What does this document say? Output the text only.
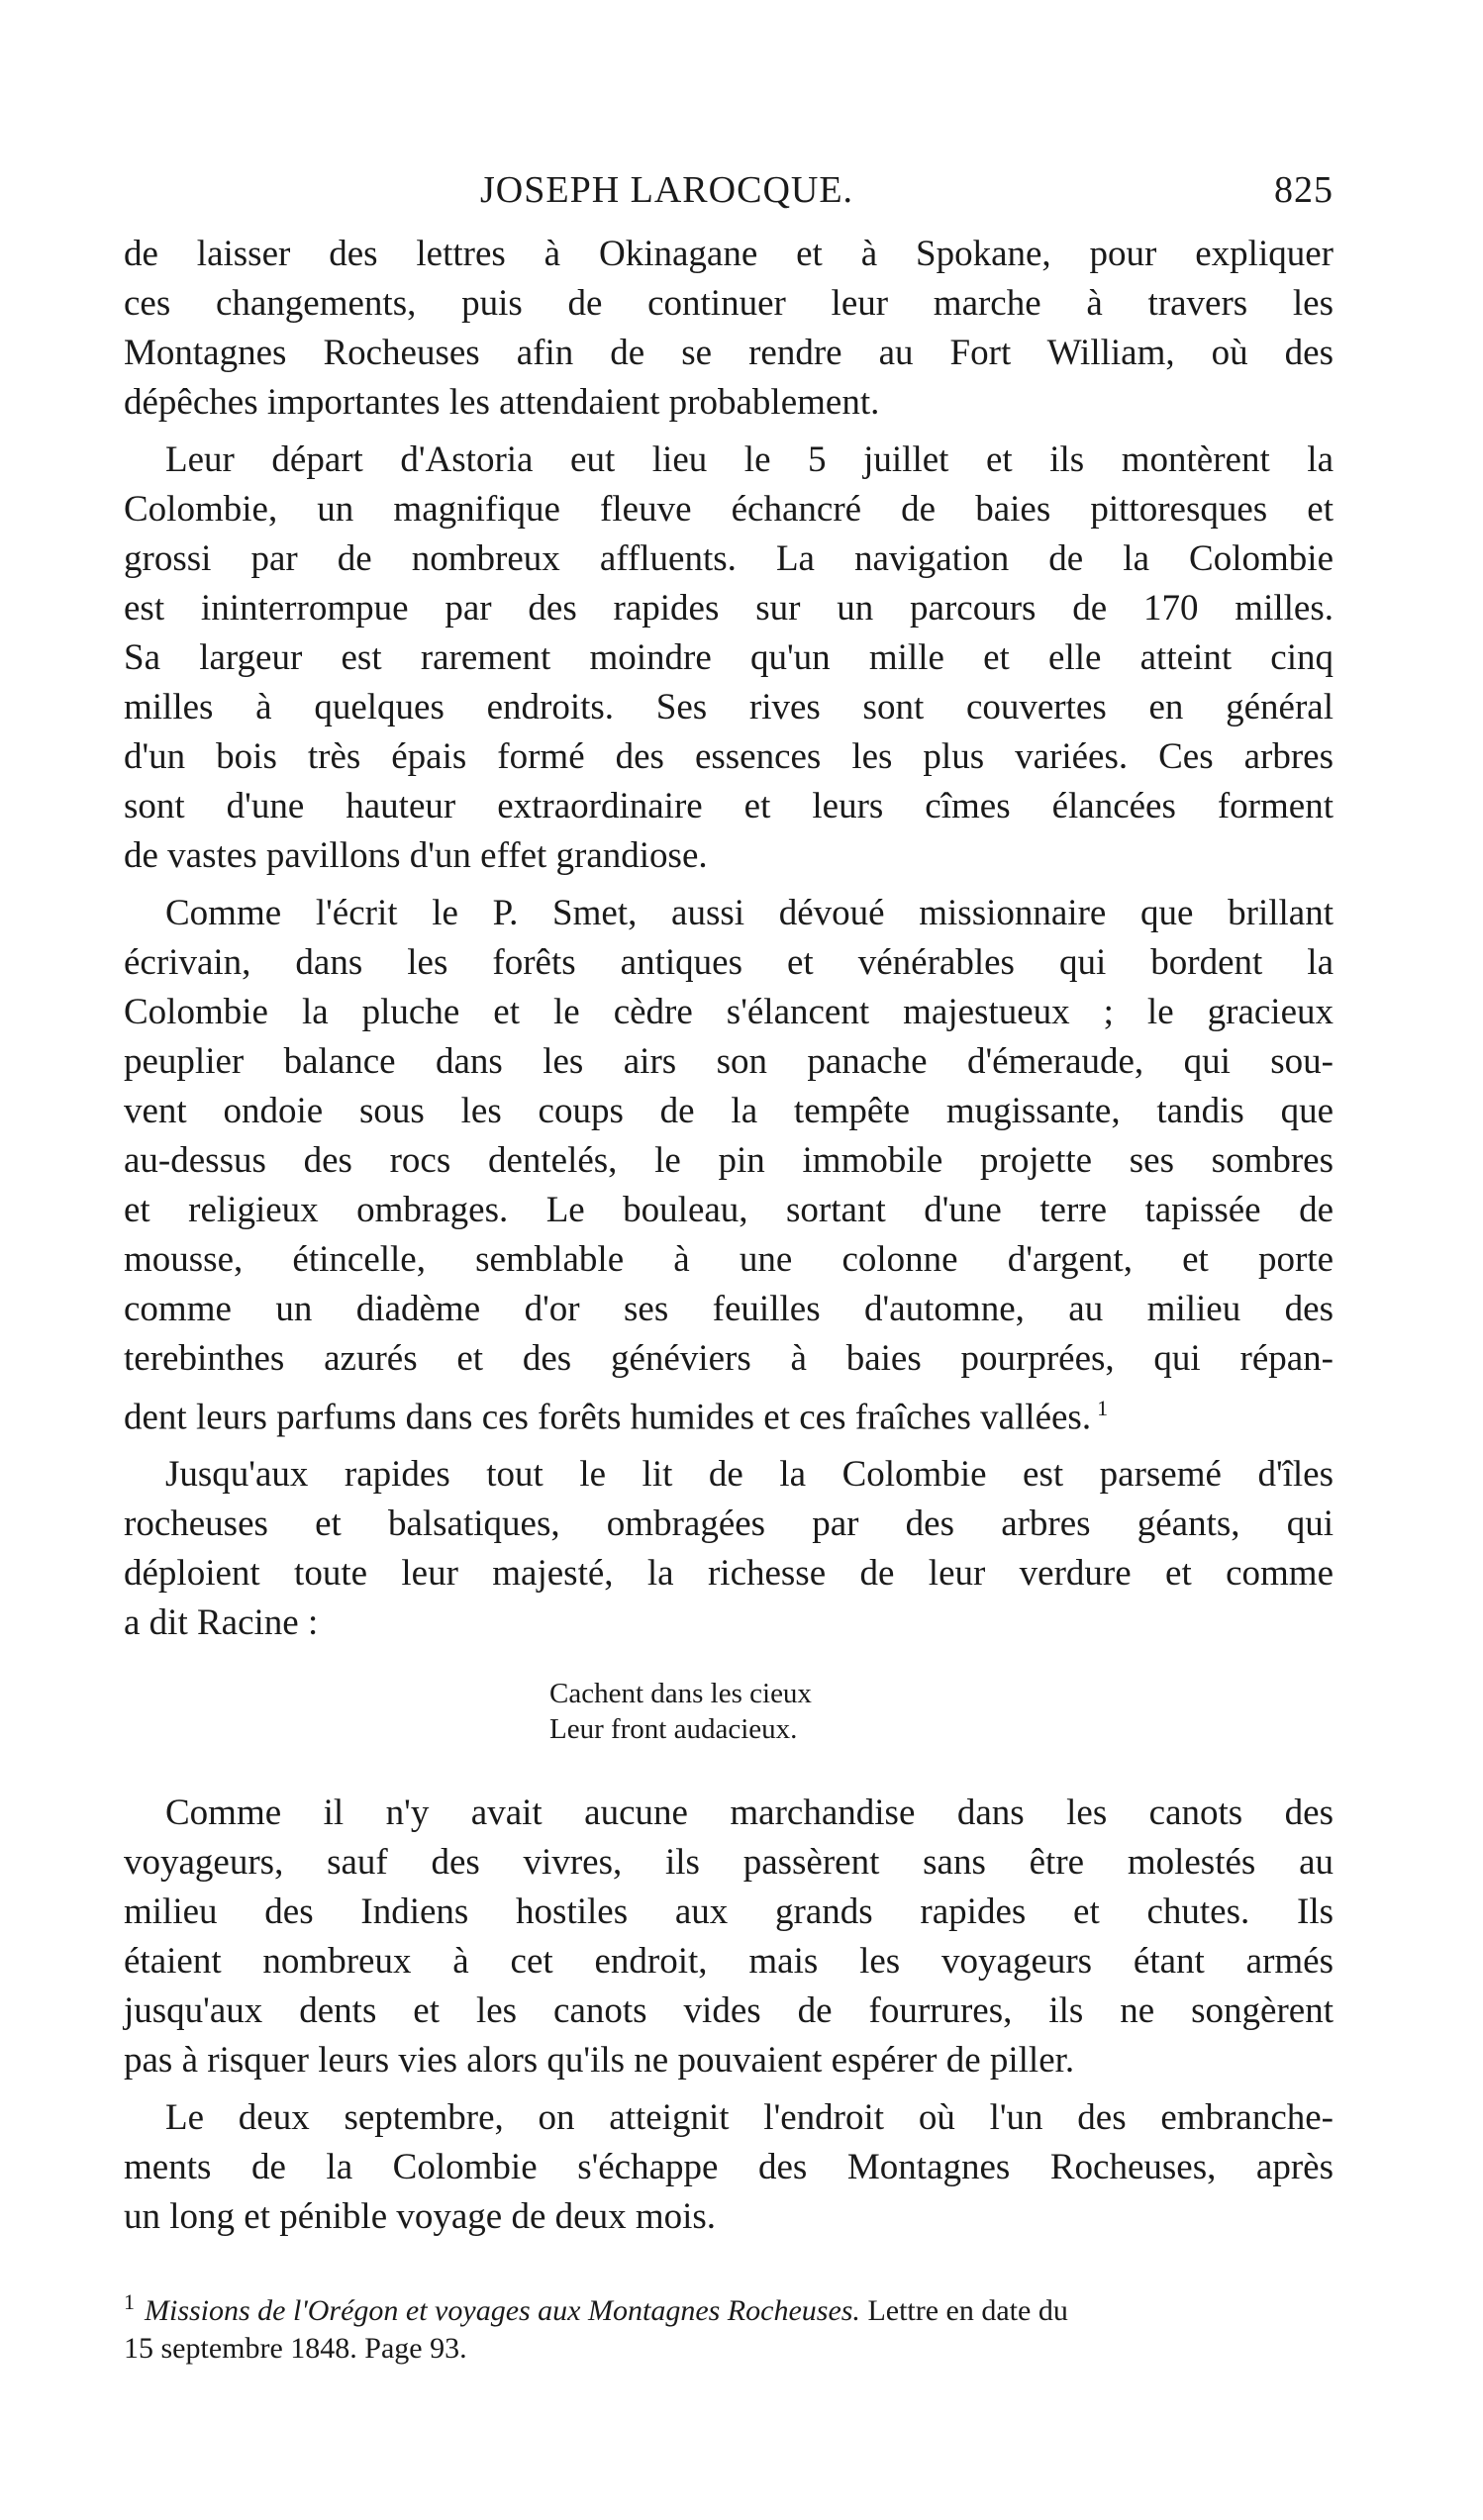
JOSEPH LAROCQUE.	825

de laisser des lettres à Okinagane et à Spokane, pour expliquer
ces changements, puis de continuer leur marche à travers les
Montagnes Rocheuses afin de se rendre au Fort William, où des
dépêches importantes les attendaient probablement.

Leur départ d'Astoria eut lieu le 5 juillet et ils montèrent la
Colombie, un magnifique fleuve échancré de baies pittoresques et
grossi par de nombreux affluents. La navigation de la Colombie
est ininterrompue par des rapides sur un parcours de 170 milles.
Sa largeur est rarement moindre qu'un mille et elle atteint cinq
milles à quelques endroits. Ses rives sont couvertes en général
d'un bois très épais formé des essences les plus variées. Ces arbres
sont d'une hauteur extraordinaire et leurs cîmes élancées forment
de vastes pavillons d'un effet grandiose.

Comme l'écrit le P. Smet, aussi dévoué missionnaire que brillant
écrivain, dans les forêts antiques et vénérables qui bordent la
Colombie la pluche et le cèdre s'élancent majestueux ; le gracieux
peuplier balance dans les airs son panache d'émeraude, qui sou-
vent ondoie sous les coups de la tempête mugissante, tandis que
au-dessus des rocs dentelés, le pin immobile projette ses sombres
et religieux ombrages. Le bouleau, sortant d'une terre tapissée de
mousse, étincelle, semblable à une colonne d'argent, et porte
comme un diadème d'or ses feuilles d'automne, au milieu des
terebinthes azurés et des généviers à baies pourprées, qui répan-
dent leurs parfums dans ces forêts humides et ces fraîches vallées. $^1$

Jusqu'aux rapides tout le lit de la Colombie est parsemé d'îles
rocheuses et balsatiques, ombragées par des arbres géants, qui
déploient toute leur majesté, la richesse de leur verdure et comme
a dit Racine :

Cachent dans les cieux
Leur front audacieux.

Comme il n'y avait aucune marchandise dans les canots des
voyageurs, sauf des vivres, ils passèrent sans être molestés au
milieu des Indiens hostiles aux grands rapides et chutes. Ils
étaient nombreux à cet endroit, mais les voyageurs étant armés
jusqu'aux dents et les canots vides de fourrures, ils ne songèrent
pas à risquer leurs vies alors qu'ils ne pouvaient espérer de piller.

Le deux septembre, on atteignit l'endroit où l'un des embranche-
ments de la Colombie s'échappe des Montagnes Rocheuses, après
un long et pénible voyage de deux mois.

$^1$ Missions de l'Orégon et voyages aux Montagnes Rocheuses. Lettre en date du
15 septembre 1848. Page 93.
